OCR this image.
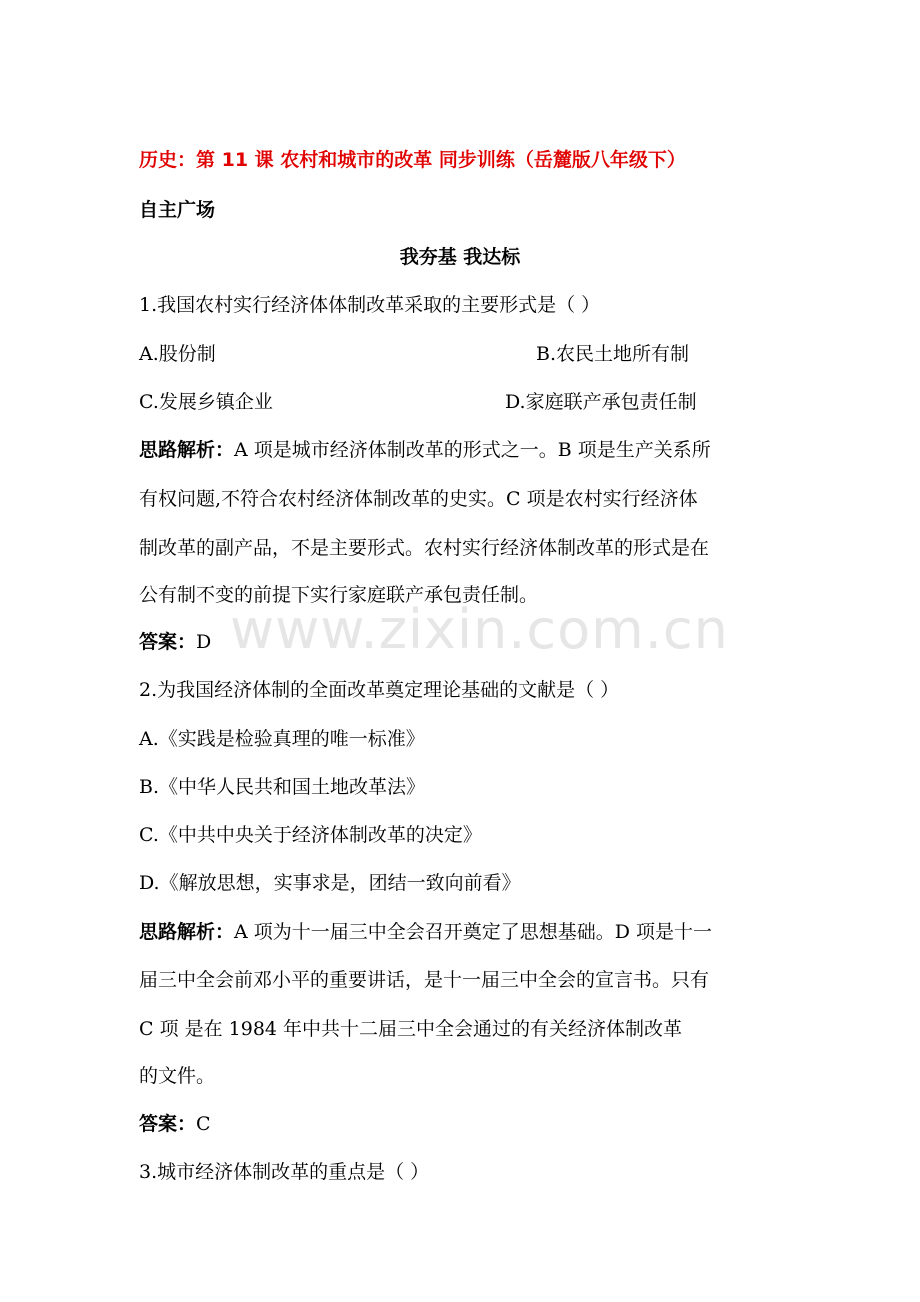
www.zixin.com.cn
历史：第 11 课 农村和城市的改革 同步训练（岳麓版八年级下）
自主广场
我夯基 我达标
1.我国农村实行经济体体制改革采取的主要形式是（ ）
A.股份制	B.农民土地所有制
C.发展乡镇企业	D.家庭联产承包责任制
思路解析：A 项是城市经济体制改革的形式之一。B 项是生产关系所
有权问题,不符合农村经济体制改革的史实。C 项是农村实行经济体
制改革的副产品，不是主要形式。农村实行经济体制改革的形式是在
公有制不变的前提下实行家庭联产承包责任制。
答案：D
2.为我国经济体制的全面改革奠定理论基础的文献是（ ）
A.《实践是检验真理的唯一标准》
B.《中华人民共和国土地改革法》
C.《中共中央关于经济体制改革的决定》
D.《解放思想，实事求是，团结一致向前看》
思路解析：A 项为十一届三中全会召开奠定了思想基础。D 项是十一
届三中全会前邓小平的重要讲话，是十一届三中全会的宣言书。只有
C 项 是在 1984 年中共十二届三中全会通过的有关经济体制改革
的文件。
答案：C
3.城市经济体制改革的重点是（ ）
